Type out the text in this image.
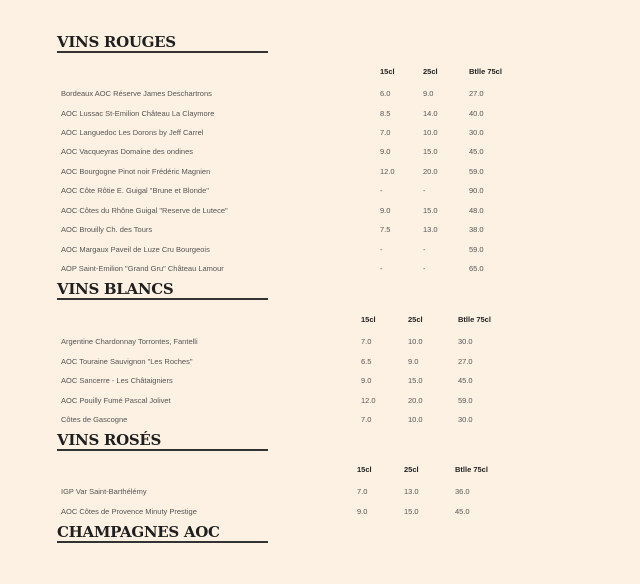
VINS ROUGES
15cl	25cl	Btlle 75cl
Bordeaux AOC Réserve James Deschartrons	6.0	9.0	27.0
AOC Lussac St-Emilion Château La Claymore	8.5	14.0	40.0
AOC Languedoc Les Dorons by Jeff Carrel	7.0	10.0	30.0
AOC Vacqueyras Domaine des ondines	9.0	15.0	45.0
AOC Bourgogne Pinot noir Frédéric Magnien	12.0	20.0	59.0
AOC Côte Rôtie E. Guigal "Brune et Blonde"	-	-	90.0
AOC Côtes du Rhône Guigal "Reserve de Lutece"	9.0	15.0	48.0
AOC Brouilly Ch. des Tours	7.5	13.0	38.0
AOC Margaux Paveil de Luze Cru Bourgeois	-	-	59.0
AOP Saint-Emilion "Grand Gru" Château Lamour	-	-	65.0
VINS BLANCS
15cl	25cl	Btlle 75cl
Argentine Chardonnay Torrontes, Fantelli	7.0	10.0	30.0
AOC Touraine Sauvignon "Les Roches"	6.5	9.0	27.0
AOC Sancerre - Les Châtaigniers	9.0	15.0	45.0
AOC Pouilly Fumé Pascal Jolivet	12.0	20.0	59.0
Côtes de Gascogne	7.0	10.0	30.0
VINS ROSÉS
15cl	25cl	Btlle 75cl
IGP Var Saint-Barthélémy	7.0	13.0	36.0
AOC Côtes de Provence Minuty Prestige	9.0	15.0	45.0
CHAMPAGNES AOC
